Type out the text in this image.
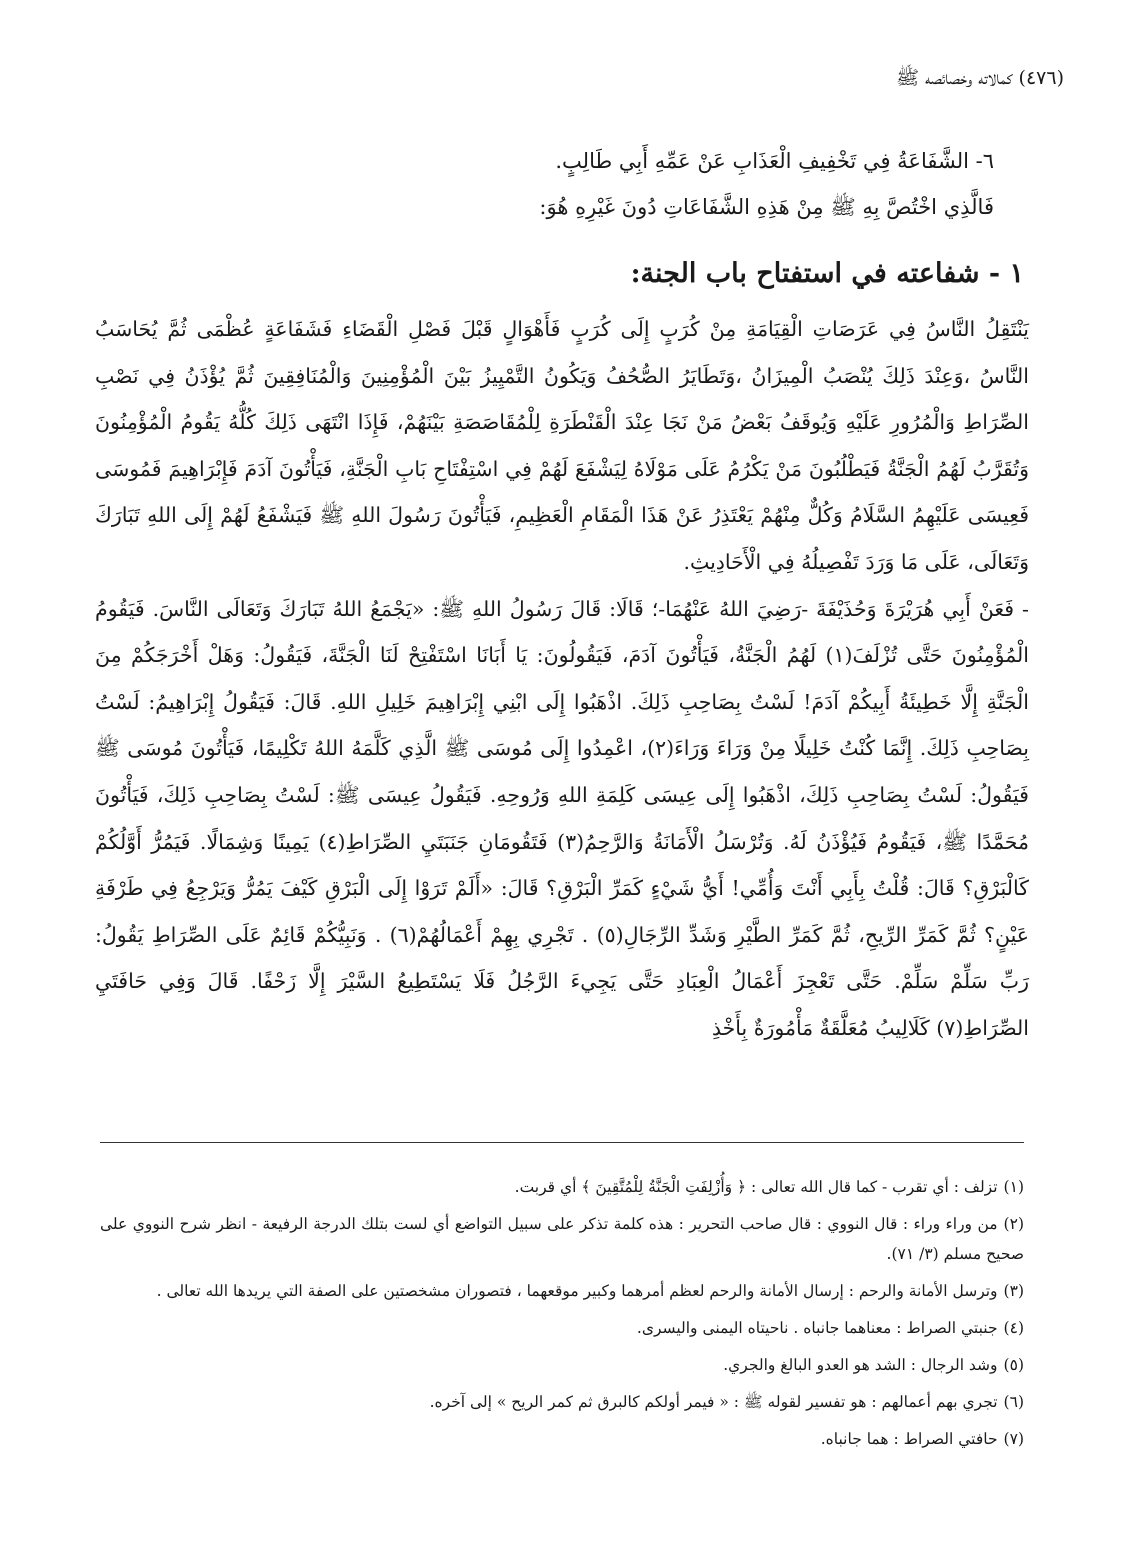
(٤٧٦) كمالاته وخصائصه ﷺ

٦- الشَّفَاعَةُ فِي تَخْفِيفِ الْعَذَابِ عَنْ عَمِّهِ أَبِي طَالِبٍ.

فَالَّذِي اخْتُصَّ بِهِ ﷺ مِنْ هَذِهِ الشَّفَاعَاتِ دُونَ غَيْرِهِ هُوَ:

١ - شفاعته في استفتاح باب الجنة:

يَنْتَقِلُ النَّاسُ فِي عَرَصَاتِ الْقِيَامَةِ مِنْ كُرَبٍ إِلَى كُرَبٍ فَأَهْوَالٍ قَبْلَ فَصْلِ الْقَضَاءِ فَشَفَاعَةٍ عُظْمَى ثُمَّ يُحَاسَبُ النَّاسُ ،وَعِنْدَ ذَلِكَ يُنْصَبُ الْمِيزَانُ ،وَتَطَايَرُ الصُّحُفُ وَيَكُونُ التَّمْيِيزُ بَيْنَ الْمُؤْمِنِينَ وَالْمُنَافِقِينَ ثُمَّ يُؤْذَنُ فِي نَصْبِ الصِّرَاطِ وَالْمُرُورِ عَلَيْهِ وَيُوقَفُ بَعْضُ مَنْ نَجَا عِنْدَ الْقَنْطَرَةِ لِلْمُقَاصَصَةِ بَيْنَهُمْ، فَإِذَا انْتَهَى ذَلِكَ كُلُّهُ يَقُومُ الْمُؤْمِنُونَ وَتُقَرَّبُ لَهُمُ الْجَنَّةُ فَيَطْلُبُونَ مَنْ يَكْرُمُ عَلَى مَوْلَاهُ لِيَشْفَعَ لَهُمْ فِي اسْتِفْتَاحِ بَابِ الْجَنَّةِ، فَيَأْتُونَ آدَمَ فَإِبْرَاهِيمَ فَمُوسَى فَعِيسَى عَلَيْهِمُ السَّلَامُ وَكُلٌّ مِنْهُمْ يَعْتَذِرُ عَنْ هَذَا الْمَقَامِ الْعَظِيمِ، فَيَأْتُونَ رَسُولَ اللهِ ﷺ فَيَشْفَعُ لَهُمْ إِلَى اللهِ تَبَارَكَ وَتَعَالَى، عَلَى مَا وَرَدَ تَفْصِيلُهُ فِي الْأَحَادِيثِ.

- فَعَنْ أَبِي هُرَيْرَةَ وَحُذَيْفَةَ -رَضِيَ اللهُ عَنْهُمَا-؛ قَالَا: قَالَ رَسُولُ اللهِ ﷺ: «يَجْمَعُ اللهُ تَبَارَكَ وَتَعَالَى النَّاسَ. فَيَقُومُ الْمُؤْمِنُونَ حَتَّى تُزْلَفَ(١) لَهُمُ الْجَنَّةُ، فَيَأْتُونَ آدَمَ، فَيَقُولُونَ: يَا أَبَانَا اسْتَفْتِحْ لَنَا الْجَنَّةَ، فَيَقُولُ: وَهَلْ أَخْرَجَكُمْ مِنَ الْجَنَّةِ إِلَّا خَطِيئَةُ أَبِيكُمْ آدَمَ! لَسْتُ بِصَاحِبِ ذَلِكَ. اذْهَبُوا إِلَى ابْنِي إِبْرَاهِيمَ خَلِيلِ اللهِ. قَالَ: فَيَقُولُ إِبْرَاهِيمُ: لَسْتُ بِصَاحِبِ ذَلِكَ. إِنَّمَا كُنْتُ خَلِيلًا مِنْ وَرَاءَ وَرَاءَ(٢)، اعْمِدُوا إِلَى مُوسَى ﷺ الَّذِي كَلَّمَهُ اللهُ تَكْلِيمًا، فَيَأْتُونَ مُوسَى ﷺ فَيَقُولُ: لَسْتُ بِصَاحِبِ ذَلِكَ، اذْهَبُوا إِلَى عِيسَى كَلِمَةِ اللهِ وَرُوحِهِ. فَيَقُولُ عِيسَى ﷺ: لَسْتُ بِصَاحِبِ ذَلِكَ، فَيَأْتُونَ مُحَمَّدًا ﷺ، فَيَقُومُ فَيُؤْذَنُ لَهُ. وَتُرْسَلُ الْأَمَانَةُ وَالرَّحِمُ(٣) فَتَقُومَانِ جَنَبَتَيِ الصِّرَاطِ(٤) يَمِينًا وَشِمَالًا. فَيَمُرُّ أَوَّلُكُمْ كَالْبَرْقِ؟ قَالَ: قُلْتُ بِأَبِي أَنْتَ وَأُمِّي! أَيُّ شَيْءٍ كَمَرِّ الْبَرْقِ؟ قَالَ: «أَلَمْ تَرَوْا إِلَى الْبَرْقِ كَيْفَ يَمُرُّ وَيَرْجِعُ فِي طَرْفَةِ عَيْنٍ؟ ثُمَّ كَمَرِّ الرِّيحِ، ثُمَّ كَمَرِّ الطَّيْرِ وَشَدِّ الرِّجَالِ(٥) . تَجْرِي بِهِمْ أَعْمَالُهُمْ(٦) . وَنَبِيُّكُمْ قَائِمٌ عَلَى الصِّرَاطِ يَقُولُ: رَبِّ سَلِّمْ سَلِّمْ. حَتَّى تَعْجِزَ أَعْمَالُ الْعِبَادِ حَتَّى يَجِيءَ الرَّجُلُ فَلَا يَسْتَطِيعُ السَّيْرَ إِلَّا زَحْفًا. قَالَ وَفِي حَافَتَيِ الصِّرَاطِ(٧) كَلَالِيبُ مُعَلَّقَةٌ مَأْمُورَةٌ بِأَخْذِ

(١)تزلف : أي تقرب - كما قال الله تعالى : ﴿ وَأُزْلِفَتِ الْجَنَّةُ لِلْمُتَّقِينَ ﴾ أي قربت.

(٢)من وراء وراء : قال النووي : قال صاحب التحرير : هذه كلمة تذكر على سبيل التواضع أي لست بتلك الدرجة الرفيعة - انظر شرح النووي على صحيح مسلم (٣/ ٧١).

(٣)وترسل الأمانة والرحم : إرسال الأمانة والرحم لعظم أمرهما وكبير موقعهما ، فتصوران مشخصتين على الصفة التي يريدها الله تعالى .

(٤)جنبتي الصراط : معناهما جانباه . ناحيتاه اليمنى واليسرى.

(٥)وشد الرجال : الشد هو العدو البالغ والجري.

(٦)تجري بهم أعمالهم : هو تفسير لقوله ﷺ : « فيمر أولكم كالبرق ثم كمر الريح » إلى آخره.

(٧)حافتي الصراط : هما جانباه.
